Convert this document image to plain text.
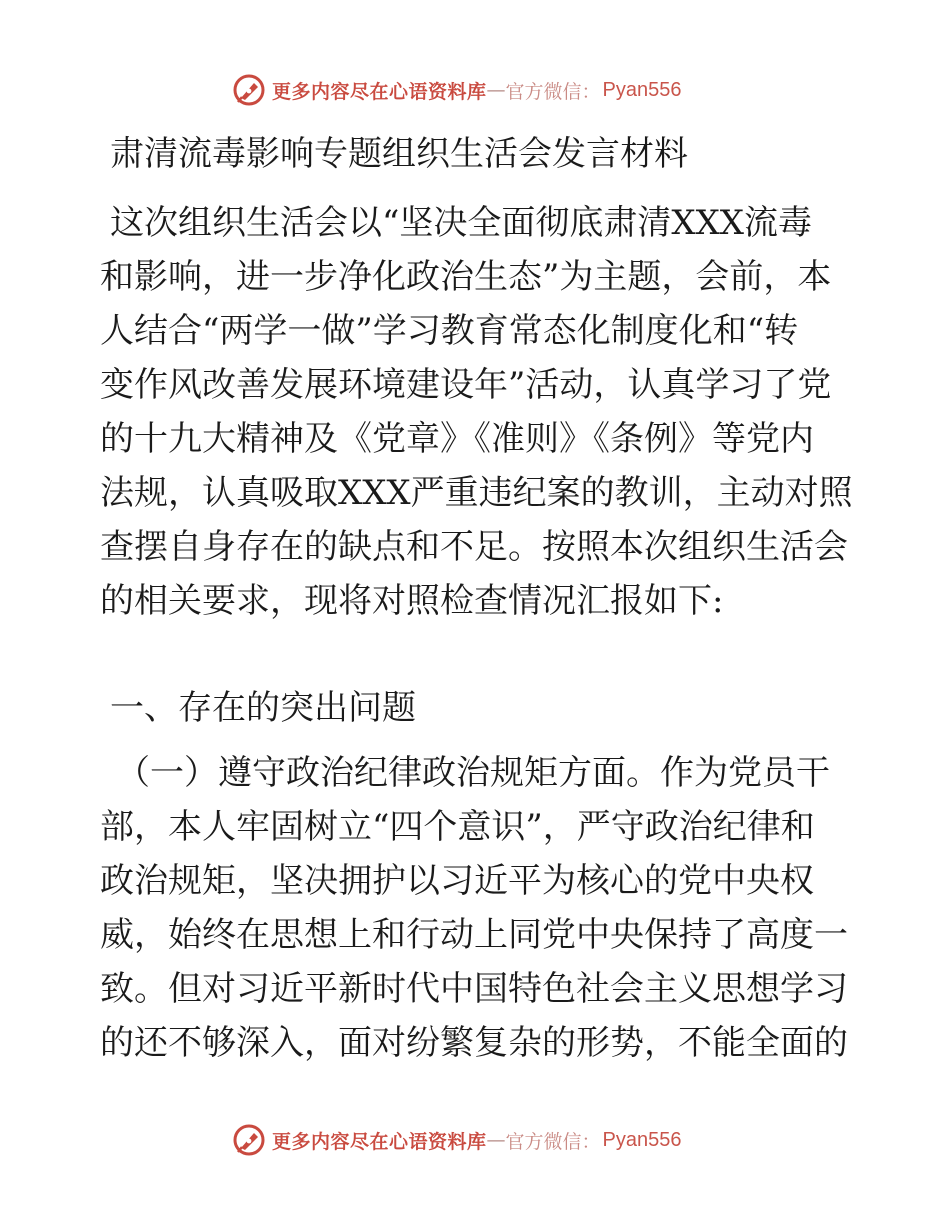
更多内容尽在心语资料库 — 官方微信： Pyan556
肃清流毒影响专题组织生活会发言材料
这次组织生活会以“坚决全面彻底肃清XXX流毒
和影响，进一步净化政治生态”为主题，会前，本
人结合“两学一做”学习教育常态化制度化和“转
变作风改善发展环境建设年”活动，认真学习了党
的十九大精神及《党章》《准则》《条例》等党内
法规，认真吸取XXX严重违纪案的教训，主动对照
查摆自身存在的缺点和不足。按照本次组织生活会
的相关要求，现将对照检查情况汇报如下:
一、存在的突出问题
（一）遵守政治纪律政治规矩方面。作为党员干
部，本人牢固树立“四个意识”，严守政治纪律和
政治规矩，坚决拥护以习近平为核心的党中央权
威，始终在思想上和行动上同党中央保持了高度一
致。但对习近平新时代中国特色社会主义思想学习
的还不够深入，面对纷繁复杂的形势，不能全面的
更多内容尽在心语资料库 — 官方微信： Pyan556
